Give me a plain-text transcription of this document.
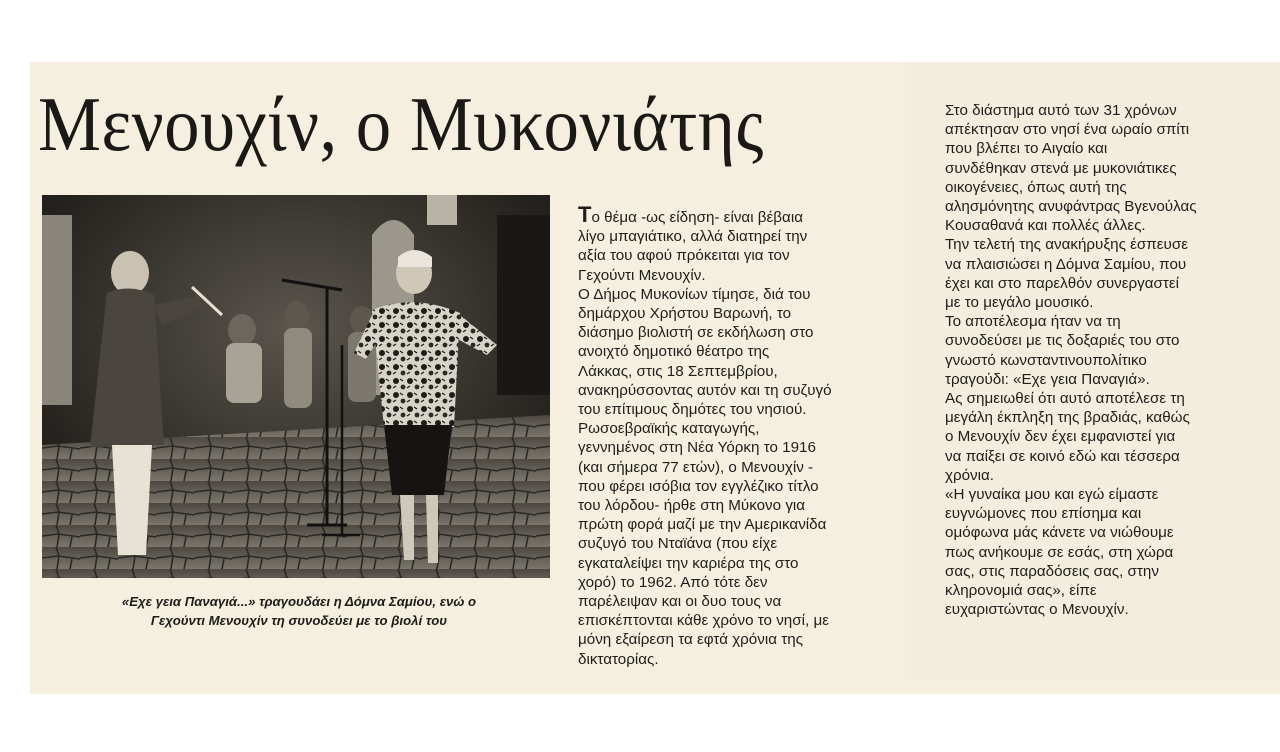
Μενουχίν, ο Μυκονιάτης
«Εχε γεια Παναγιά...» τραγουδάει η Δόμνα Σαμίου, ενώ ο
Γεχούντι Μενουχίν τη συνοδεύει με το βιολί του

Το θέμα -ως είδηση- είναι βέβαια

λίγο μπαγιάτικο, αλλά διατηρεί την

αξία του αφού πρόκειται για τον

Γεχούντι Μενουχίν.

Ο Δήμος Μυκονίων τίμησε, διά του

δημάρχου Χρήστου Βαρωνή, το

διάσημο βιολιστή σε εκδήλωση στο

ανοιχτό δημοτικό θέατρο της

Λάκκας, στις 18 Σεπτεμβρίου,

ανακηρύσσοντας αυτόν και τη συζυγό

του επίτιμους δημότες του νησιού.

Ρωσοεβραϊκής καταγωγής,

γεννημένος στη Νέα Υόρκη το 1916

(και σήμερα 77 ετών), ο Μενουχίν -

που φέρει ισόβια τον εγγλέζικο τίτλο

του λόρδου- ήρθε στη Μύκονο για

πρώτη φορά μαζί με την Αμερικανίδα

συζυγό του Νταϊάνα (που είχε

εγκαταλείψει την καριέρα της στο

χορό) το 1962. Από τότε δεν

παρέλειψαν και οι δυο τους να

επισκέπτονται κάθε χρόνο το νησί, με

μόνη εξαίρεση τα εφτά χρόνια της

δικτατορίας.

Στο διάστημα αυτό των 31 χρόνων

απέκτησαν στο νησί ένα ωραίο σπίτι

που βλέπει το Αιγαίο και

συνδέθηκαν στενά με μυκονιάτικες

οικογένειες, όπως αυτή της

αλησμόνητης ανυφάντρας Βγενούλας

Κουσαθανά και πολλές άλλες.

Την τελετή της ανακήρυξης έσπευσε

να πλαισιώσει η Δόμνα Σαμίου, που

έχει και στο παρελθόν συνεργαστεί

με το μεγάλο μουσικό.

Το αποτέλεσμα ήταν να τη

συνοδεύσει με τις δοξαριές του στο

γνωστό κωνσταντινουπολίτικο

τραγούδι: «Εχε γεια Παναγιά».

Ας σημειωθεί ότι αυτό αποτέλεσε τη

μεγάλη έκπληξη της βραδιάς, καθώς

ο Μενουχίν δεν έχει εμφανιστεί για

να παίξει σε κοινό εδώ και τέσσερα

χρόνια.

«Η γυναίκα μου και εγώ είμαστε

ευγνώμονες που επίσημα και

ομόφωνα μάς κάνετε να νιώθουμε

πως ανήκουμε σε εσάς, στη χώρα

σας, στις παραδόσεις σας, στην

κληρονομιά σας», είπε

ευχαριστώντας ο Μενουχίν.
